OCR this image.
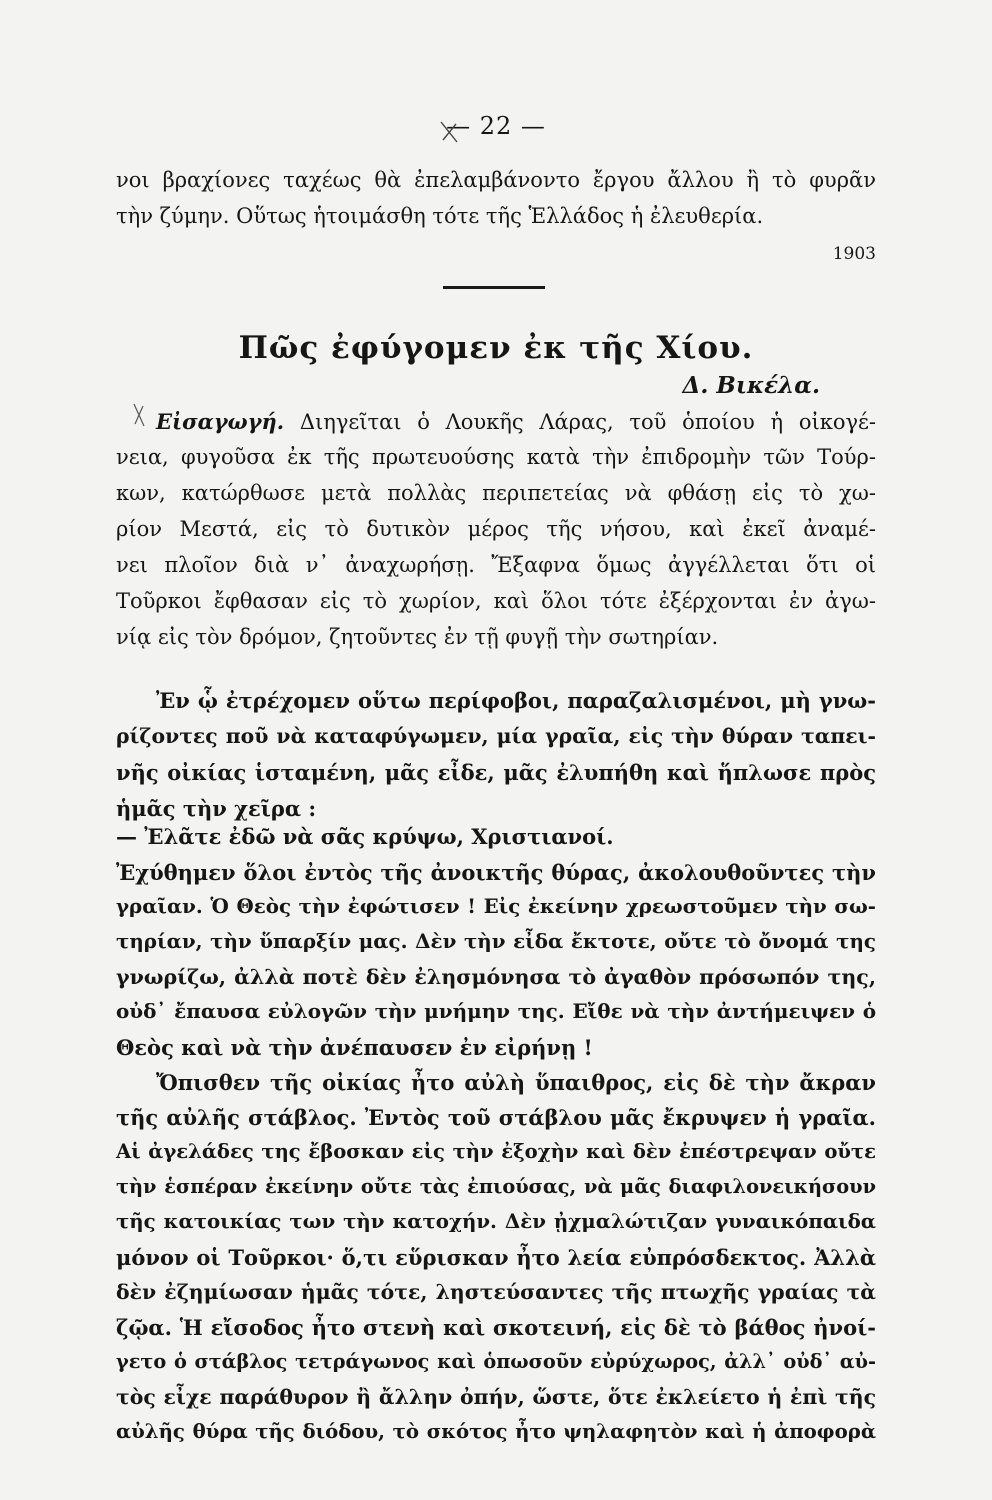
— 22 —
νοι βραχίονες ταχέως θὰ ἐπελαμβάνοντο ἔργου ἄλλου ἢ τὸ φυρᾶν
τὴν ζύμην. Οὕτως ἡτοιμάσθη τότε τῆς Ἑλλάδος ἡ ἐλευθερία.
1903
Πῶς ἐφύγομεν ἐκ τῆς Χίου.
Δ. Βικέλα.
Εἰσαγωγή. Διηγεῖται ὁ Λουκῆς Λάρας, τοῦ ὁποίου ἡ οἰκογέ-
νεια, φυγοῦσα ἐκ τῆς πρωτευούσης κατὰ τὴν ἐπιδρομὴν τῶν Τούρ-
κων, κατώρθωσε μετὰ πολλὰς περιπετείας νὰ φθάσῃ εἰς τὸ χω-
ρίον Μεστά, εἰς τὸ δυτικὸν μέρος τῆς νήσου, καὶ ἐκεῖ ἀναμέ-
νει πλοῖον διὰ ν᾽ ἀναχωρήσῃ. Ἔξαφνα ὅμως ἀγγέλλεται ὅτι οἱ
Τοῦρκοι ἔφθασαν εἰς τὸ χωρίον, καὶ ὅλοι τότε ἐξέρχονται ἐν ἀγω-
νίᾳ εἰς τὸν δρόμον, ζητοῦντες ἐν τῇ φυγῇ τὴν σωτηρίαν.
Ἐν ᾧ ἐτρέχομεν οὕτω περίφοβοι, παραζαλισμένοι, μὴ γνω-
ρίζοντες ποῦ νὰ καταφύγωμεν, μία γραῖα, εἰς τὴν θύραν ταπει-
νῆς οἰκίας ἱσταμένη, μᾶς εἶδε, μᾶς ἐλυπήθη καὶ ἥπλωσε πρὸς
ἡμᾶς τὴν χεῖρα :
— Ἐλᾶτε ἐδῶ νὰ σᾶς κρύψω, Χριστιανοί.
Ἐχύθημεν ὅλοι ἐντὸς τῆς ἀνοικτῆς θύρας, ἀκολουθοῦντες τὴν
γραῖαν. Ὁ Θεὸς τὴν ἐφώτισεν ! Εἰς ἐκείνην χρεωστοῦμεν τὴν σω-
τηρίαν, τὴν ὕπαρξίν μας. Δὲν τὴν εἶδα ἔκτοτε, οὔτε τὸ ὄνομά της
γνωρίζω, ἀλλὰ ποτὲ δὲν ἐλησμόνησα τὸ ἀγαθὸν πρόσωπόν της,
οὐδ᾽ ἔπαυσα εὐλογῶν τὴν μνήμην της. Εἴθε νὰ τὴν ἀντήμειψεν ὁ
Θεὸς καὶ νὰ τὴν ἀνέπαυσεν ἐν εἰρήνῃ !
Ὄπισθεν τῆς οἰκίας ἦτο αὐλὴ ὕπαιθρος, εἰς δὲ τὴν ἄκραν
τῆς αὐλῆς στάβλος. Ἐντὸς τοῦ στάβλου μᾶς ἔκρυψεν ἡ γραῖα.
Αἱ ἀγελάδες της ἔβοσκαν εἰς τὴν ἐξοχὴν καὶ δὲν ἐπέστρεψαν οὔτε
τὴν ἑσπέραν ἐκείνην οὔτε τὰς ἐπιούσας, νὰ μᾶς διαφιλονεικήσουν
τῆς κατοικίας των τὴν κατοχήν. Δὲν ᾐχμαλώτιζαν γυναικόπαιδα
μόνον οἱ Τοῦρκοι· ὅ,τι εὕρισκαν ἦτο λεία εὐπρόσδεκτος. Ἀλλὰ
δὲν ἐζημίωσαν ἡμᾶς τότε, ληστεύσαντες τῆς πτωχῆς γραίας τὰ
ζῷα. Ἡ εἴσοδος ἦτο στενὴ καὶ σκοτεινή, εἰς δὲ τὸ βάθος ἠνοί-
γετο ὁ στάβλος τετράγωνος καὶ ὁπωσοῦν εὐρύχωρος, ἀλλ᾽ οὐδ᾽ αὐ-
τὸς εἶχε παράθυρον ἢ ἄλλην ὀπήν, ὥστε, ὅτε ἐκλείετο ἡ ἐπὶ τῆς
αὐλῆς θύρα τῆς διόδου, τὸ σκότος ἦτο ψηλαφητὸν καὶ ἡ ἀποφορὰ
